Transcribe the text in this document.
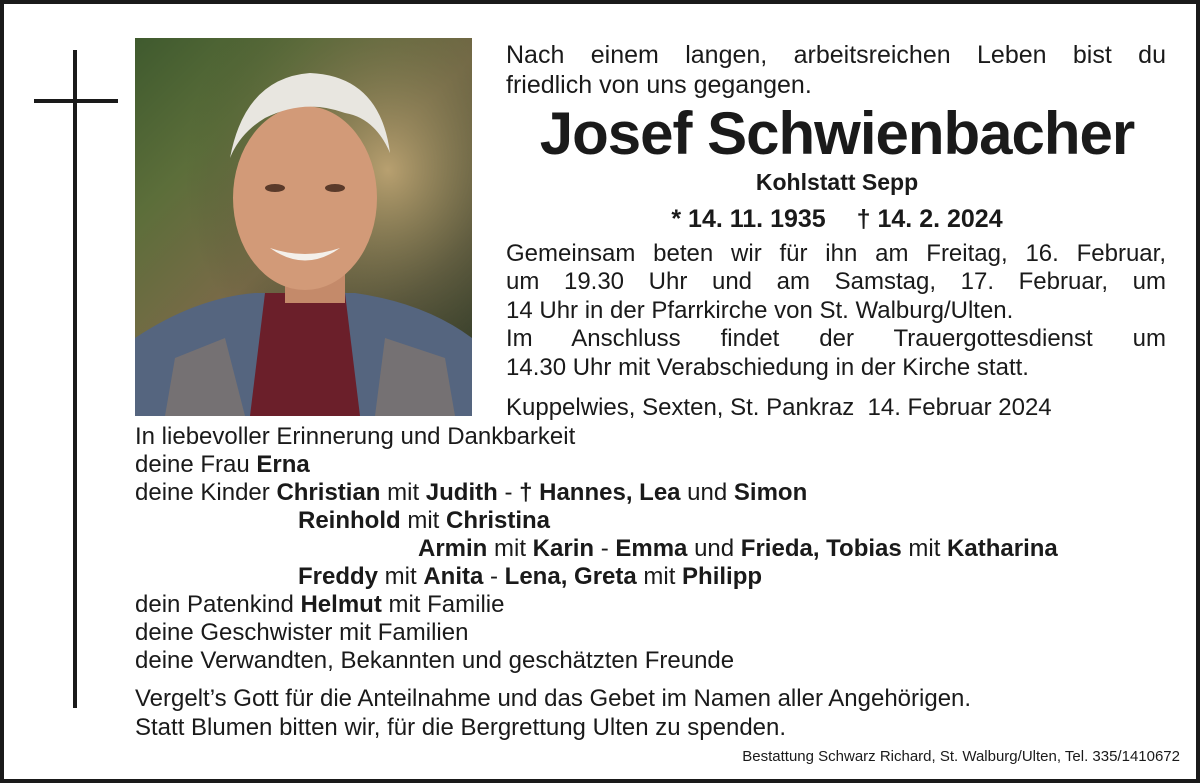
Nach einem langen, arbeitsreichen Leben bist du
friedlich von uns gegangen.
Josef Schwienbacher
Kohlstatt Sepp
* 14. 11. 1935 † 14. 2. 2024
Gemeinsam beten wir für ihn am Freitag, 16. Februar,
um 19.30 Uhr und am Samstag, 17. Februar, um
14 Uhr in der Pfarrkirche von St. Walburg/Ulten.
Im Anschluss findet der Trauergottesdienst um
14.30 Uhr mit Verabschiedung in der Kirche statt.
Kuppelwies, Sexten, St. Pankraz  14. Februar 2024
In liebevoller Erinnerung und Dankbarkeit
deine Frau Erna
deine Kinder Christian mit Judith - † Hannes, Lea und Simon
Reinhold mit Christina
Armin mit Karin - Emma und Frieda, Tobias mit Katharina
Freddy mit Anita - Lena, Greta mit Philipp
dein Patenkind Helmut mit Familie
deine Geschwister mit Familien
deine Verwandten, Bekannten und geschätzten Freunde
Vergelt’s Gott für die Anteilnahme und das Gebet im Namen aller Angehörigen.
Statt Blumen bitten wir, für die Bergrettung Ulten zu spenden.
Bestattung Schwarz Richard, St. Walburg/Ulten, Tel. 335/1410672
